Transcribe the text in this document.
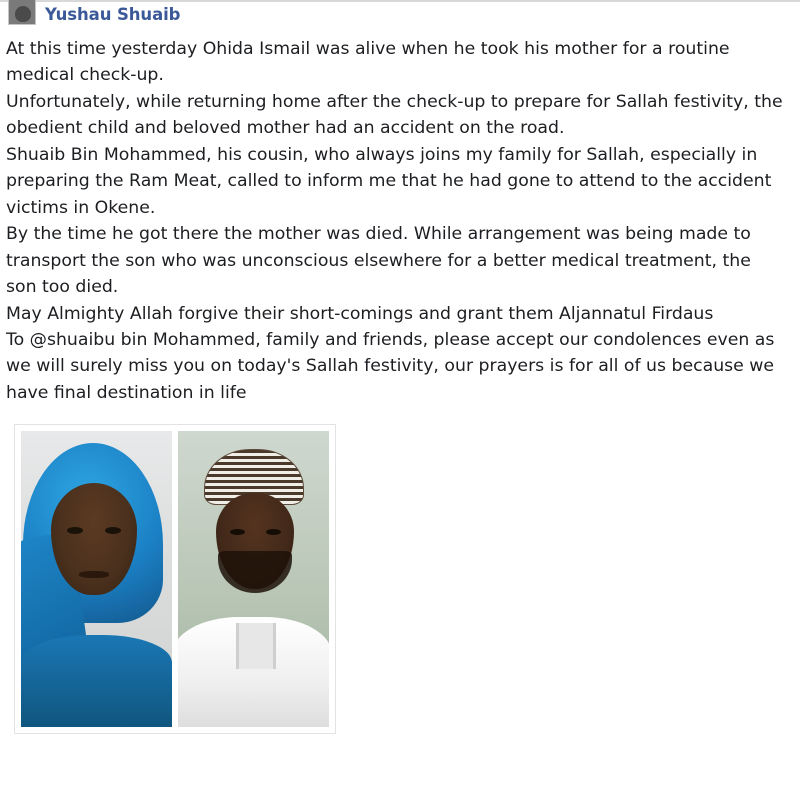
Yushau Shuaib

At this time yesterday Ohida Ismail was alive when he took his mother for a routine medical check-up.

Unfortunately, while returning home after the check-up to prepare for Sallah festivity, the obedient child and beloved mother had an accident on the road.

Shuaib Bin Mohammed, his cousin, who always joins my family for Sallah, especially in preparing the Ram Meat, called to inform me that he had gone to attend to the accident victims in Okene.

By the time he got there the mother was died. While arrangement was being made to transport the son who was unconscious elsewhere for a better medical treatment, the son too died.

May Almighty Allah forgive their short-comings and grant them Aljannatul Firdaus

To @shuaibu bin Mohammed, family and friends, please accept our condolences even as we will surely miss you on today's Sallah festivity, our prayers is for all of us because we have final destination in life
